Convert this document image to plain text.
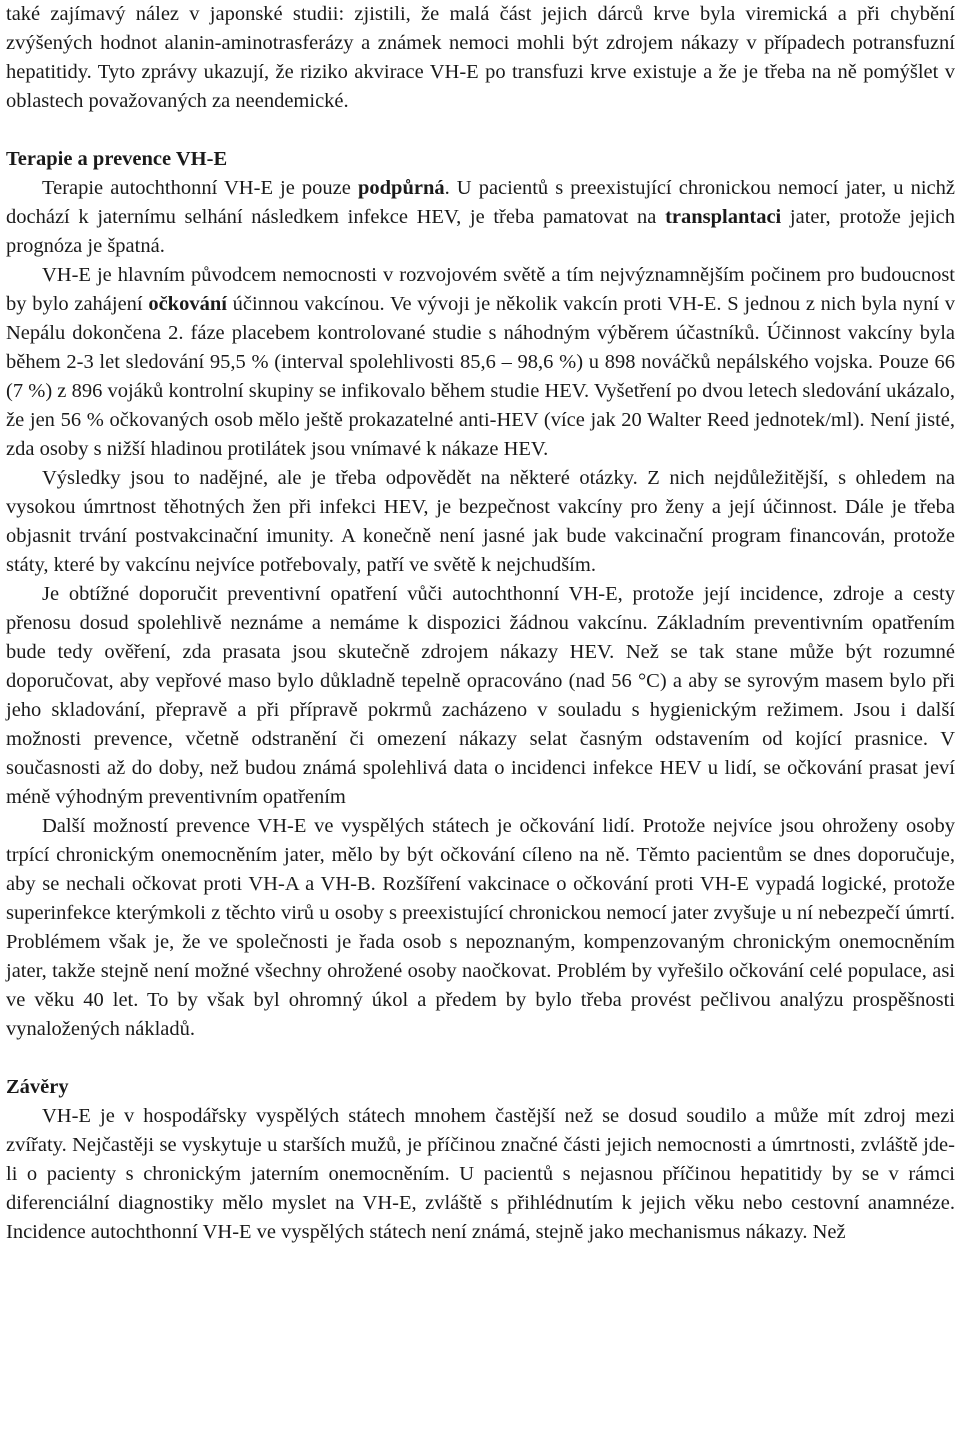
také zajímavý nález v japonské studii: zjistili, že malá část jejich dárců krve byla viremická a při chybění zvýšených hodnot alanin-aminotrasferázy a známek nemoci mohli být zdrojem nákazy v případech potransfuzní hepatitidy. Tyto zprávy ukazují, že riziko akvirace VH-E po transfuzi krve existuje a že je třeba na ně pomýšlet v oblastech považovaných za neendemické.

Terapie a prevence VH-E

Terapie autochthonní VH-E je pouze podpůrná. U pacientů s preexistující chronickou nemocí jater, u nichž dochází k jaternímu selhání následkem infekce HEV, je třeba pamatovat na transplantaci jater, protože jejich prognóza je špatná.

VH-E je hlavním původcem nemocnosti v rozvojovém světě a tím nejvýznamnějším počinem pro budoucnost by bylo zahájení očkování účinnou vakcínou. Ve vývoji je několik vakcín proti VH-E. S jednou z nich byla nyní v Nepálu dokončena 2. fáze placebem kontrolované studie s náhodným výběrem účastníků. Účinnost vakcíny byla během 2-3 let sledování 95,5 % (interval spolehlivosti 85,6 – 98,6 %) u 898 nováčků nepálského vojska. Pouze 66 (7 %) z 896 vojáků kontrolní skupiny se infikovalo během studie HEV. Vyšetření po dvou letech sledování ukázalo, že jen 56 % očkovaných osob mělo ještě prokazatelné anti-HEV (více jak 20 Walter Reed jednotek/ml). Není jisté, zda osoby s nižší hladinou protilátek jsou vnímavé k nákaze HEV.

Výsledky jsou to nadějné, ale je třeba odpovědět na některé otázky. Z nich nejdůležitější, s ohledem na vysokou úmrtnost těhotných žen při infekci HEV, je bezpečnost vakcíny pro ženy a její účinnost. Dále je třeba objasnit trvání postvakcinační imunity. A konečně není jasné jak bude vakcinační program financován, protože státy, které by vakcínu nejvíce potřebovaly, patří ve světě k nejchudším.

Je obtížné doporučit preventivní opatření vůči autochthonní VH-E, protože její incidence, zdroje a cesty přenosu dosud spolehlivě neznáme a nemáme k dispozici žádnou vakcínu. Základním preventivním opatřením bude tedy ověření, zda prasata jsou skutečně zdrojem nákazy HEV. Než se tak stane může být rozumné doporučovat, aby vepřové maso bylo důkladně tepelně opracováno (nad 56 °C) a aby se syrovým masem bylo při jeho skladování, přepravě a při přípravě pokrmů zacházeno v souladu s hygienickým režimem. Jsou i další možnosti prevence, včetně odstranění či omezení nákazy selat časným odstavením od kojící prasnice. V současnosti až do doby, než budou známá spolehlivá data o incidenci infekce HEV u lidí, se očkování prasat jeví méně výhodným preventivním opatřením

Další možností prevence VH-E ve vyspělých státech je očkování lidí. Protože nejvíce jsou ohroženy osoby trpící chronickým onemocněním jater, mělo by být očkování cíleno na ně. Těmto pacientům se dnes doporučuje, aby se nechali očkovat proti VH-A a VH-B. Rozšíření vakcinace o očkování proti VH-E vypadá logické, protože superinfekce kterýmkoli z těchto virů u osoby s preexistující chronickou nemocí jater zvyšuje u ní nebezpečí úmrtí. Problémem však je, že ve společnosti je řada osob s nepoznaným, kompenzovaným chronickým onemocněním jater, takže stejně není možné všechny ohrožené osoby naočkovat. Problém by vyřešilo očkování celé populace, asi ve věku 40 let. To by však byl ohromný úkol a předem by bylo třeba provést pečlivou analýzu prospěšnosti vynaložených nákladů.

Závěry

VH-E je v hospodářsky vyspělých státech mnohem častější než se dosud soudilo a může mít zdroj mezi zvířaty. Nejčastěji se vyskytuje u starších mužů, je příčinou značné části jejich nemocnosti a úmrtnosti, zvláště jde-li o pacienty s chronickým jaterním onemocněním. U pacientů s nejasnou příčinou hepatitidy by se v rámci diferenciální diagnostiky mělo myslet na VH-E, zvláště s přihlédnutím k jejich věku nebo cestovní anamnéze. Incidence autochthonní VH-E ve vyspělých státech není známá, stejně jako mechanismus nákazy. Než
